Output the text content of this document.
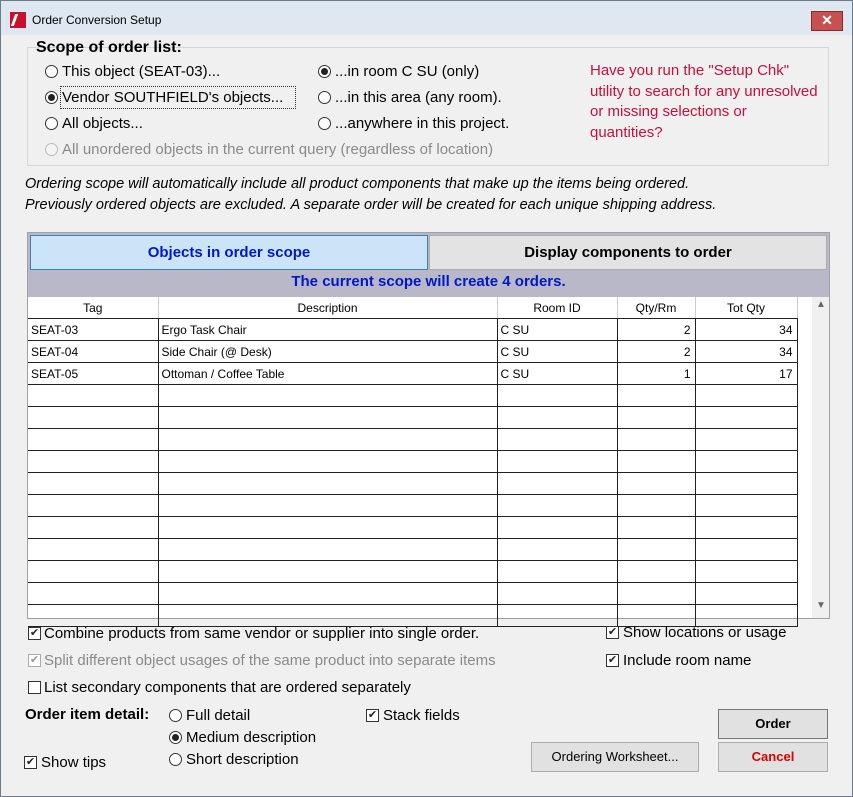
Order Conversion Setup	✕
Scope of order list:
This object (SEAT-03)...
Vendor SOUTHFIELD's objects...
All objects...
...in room C SU (only)
...in this area (any room).
...anywhere in this project.
All unordered objects in the current query (regardless of location)
Have you run the "Setup Chk" utility to search for any unresolved or missing selections or quantities?
Ordering scope will automatically include all product components that make up the items being ordered.
Previously ordered objects are excluded. A separate order will be created for each unique shipping address.
Objects in order scope	Display components to order
The current scope will create 4 orders.
Tag	Description	Room ID	Qty/Rm	Tot Qty
SEAT-03	Ergo Task Chair	C SU	2	34
SEAT-04	Side Chair (@ Desk)	C SU	2	34
SEAT-05	Ottoman / Coffee Table	C SU	1	17

▲
▼
✔ Combine products from same vendor or supplier into single order.
✔ Split different object usages of the same product into separate items
List secondary components that are ordered separately
✔ Show locations or usage
✔ Include room name
Order item detail: Full detail
Medium description
Short description
✔ Stack fields
✔ Show tips
Order
Cancel
Ordering Worksheet...
